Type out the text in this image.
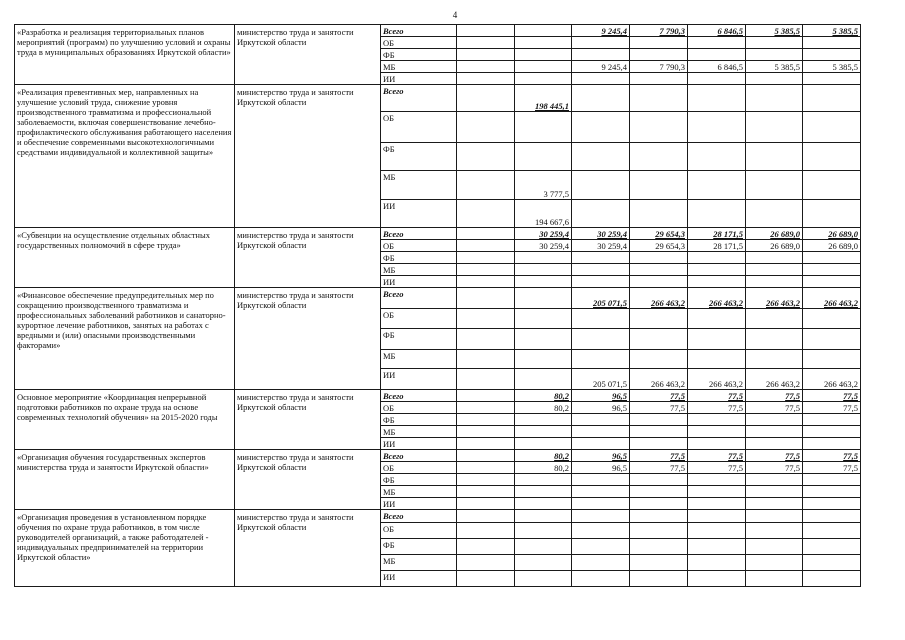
4
«Разработка и реализация территориальных планов мероприятий (программ) по улучшению условий и охраны труда в муниципальных образованиях Иркутской области»	министерство труда и занятости Иркутской области	Всего			9 245,4	7 790,3	6 846,5	5 385,5	5 385,5
		ОБ							
		ФБ							
		МБ			9 245,4	7 790,3	6 846,5	5 385,5	5 385,5
		ИИ							
«Реализация превентивных мер, направленных на улучшение условий труда, снижение уровня производственного травматизма и профессиональной заболеваемости, включая совершенствование лечебно-профилактического обслуживания работающего населения и обеспечение современными высокотехнологичными средствами индивидуальной и коллективной защиты»	министерство труда и занятости Иркутской области	Всего		198 445,1					
		ОБ							
		ФБ							
		МБ		3 777,5					
		ИИ		194 667,6					
«Субвенции на осуществление отдельных областных государственных полномочий в сфере труда»	министерство труда и занятости Иркутской области	Всего		30 259,4	30 259,4	29 654,3	28 171,5	26 689,0	26 689,0
		ОБ		30 259,4	30 259,4	29 654,3	28 171,5	26 689,0	26 689,0
		ФБ							
		МБ							
		ИИ							
«Финансовое обеспечение предупредительных мер по сокращению производственного травматизма и профессиональных заболеваний работников и санаторно-курортное лечение работников, занятых на работах с вредными и (или) опасными производственными факторами»	министерство труда и занятости Иркутской области	Всего			205 071,5	266 463,2	266 463,2	266 463,2	266 463,2
		ОБ							
		ФБ							
		МБ							
		ИИ			205 071,5	266 463,2	266 463,2	266 463,2	266 463,2
Основное мероприятие «Координация непрерывной подготовки работников по охране труда на основе современных технологий обучения» на 2015-2020 годы	министерство труда и занятости Иркутской области	Всего		80,2	96,5	77,5	77,5	77,5	77,5
		ОБ		80,2	96,5	77,5	77,5	77,5	77,5
		ФБ							
		МБ							
		ИИ							
«Организация обучения государственных экспертов министерства труда и занятости Иркутской области»	министерство труда и занятости Иркутской области	Всего		80,2	96,5	77,5	77,5	77,5	77,5
		ОБ		80,2	96,5	77,5	77,5	77,5	77,5
		ФБ							
		МБ							
		ИИ							
«Организация проведения в установленном порядке обучения по охране труда работников, в том числе руководителей организаций, а также работодателей - индивидуальных предпринимателей на территории Иркутской области»	министерство труда и занятости Иркутской области	Всего							
		ОБ							
		ФБ							
		МБ							
		ИИ							
